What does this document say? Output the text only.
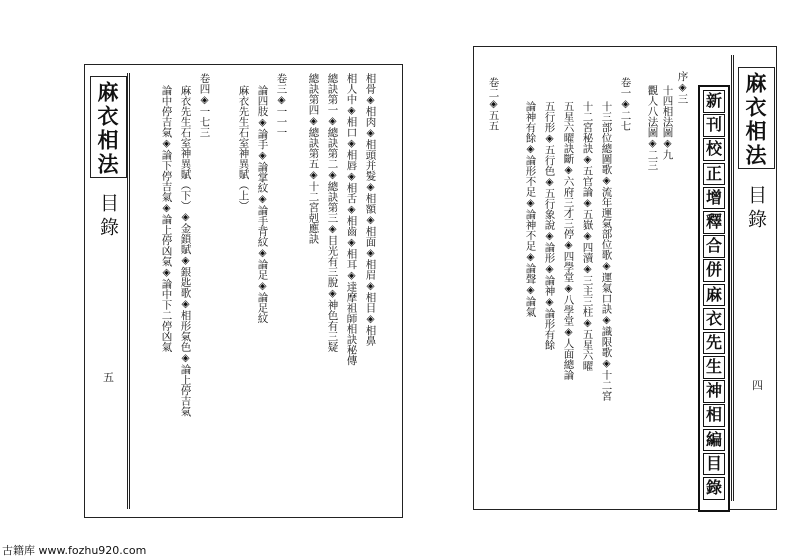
麻衣相法
目錄
五
相骨◈相肉◈相頭并髮◈相額◈相面◈相眉◈相目◈相鼻
相人中◈相口◈相唇◈相舌◈相齒◈相耳◈達摩祖師相訣秘傳
總訣第一◈總訣第二◈總訣第三◈目光有三脫◈神色有三疑
總訣第四◈總訣第五◈十二宮剋應訣
卷三◈一一一
論四肢◈論手◈論掌紋◈論手背紋◈論足◈論足紋
麻衣先生石室神異賦（上）
卷四◈一七三
麻衣先生石室神異賦（下）◈金鎖賦◈銀匙歌◈相形氣色◈論上停吉氣
論中停吉氣◈論下停吉氣◈論上停凶氣◈論中下二停凶氣	麻衣相法
目錄
四
新
刊
校
正
增
釋
合
併
麻
衣
先
生
神
相
編
目
錄
序◈三
十四相法圖◈九
觀人八法圖◈二三
卷一◈二七
十三部位總圖歌◈流年運氣部位歌◈運氣口訣◈識限歌◈十二宮
十二宮秘訣◈五官論◈五嶽◈四瀆◈三主三柱◈五星六曜
五星六曜訣斷◈六府三才三停◈四學堂◈八學堂◈人面總論
五行形◈五行色◈五行象說◈論形◈論神◈論形有餘
論神有餘◈論形不足◈論神不足◈論聲◈論氣
卷二◈五五
古籍库 www.fozhu920.com
